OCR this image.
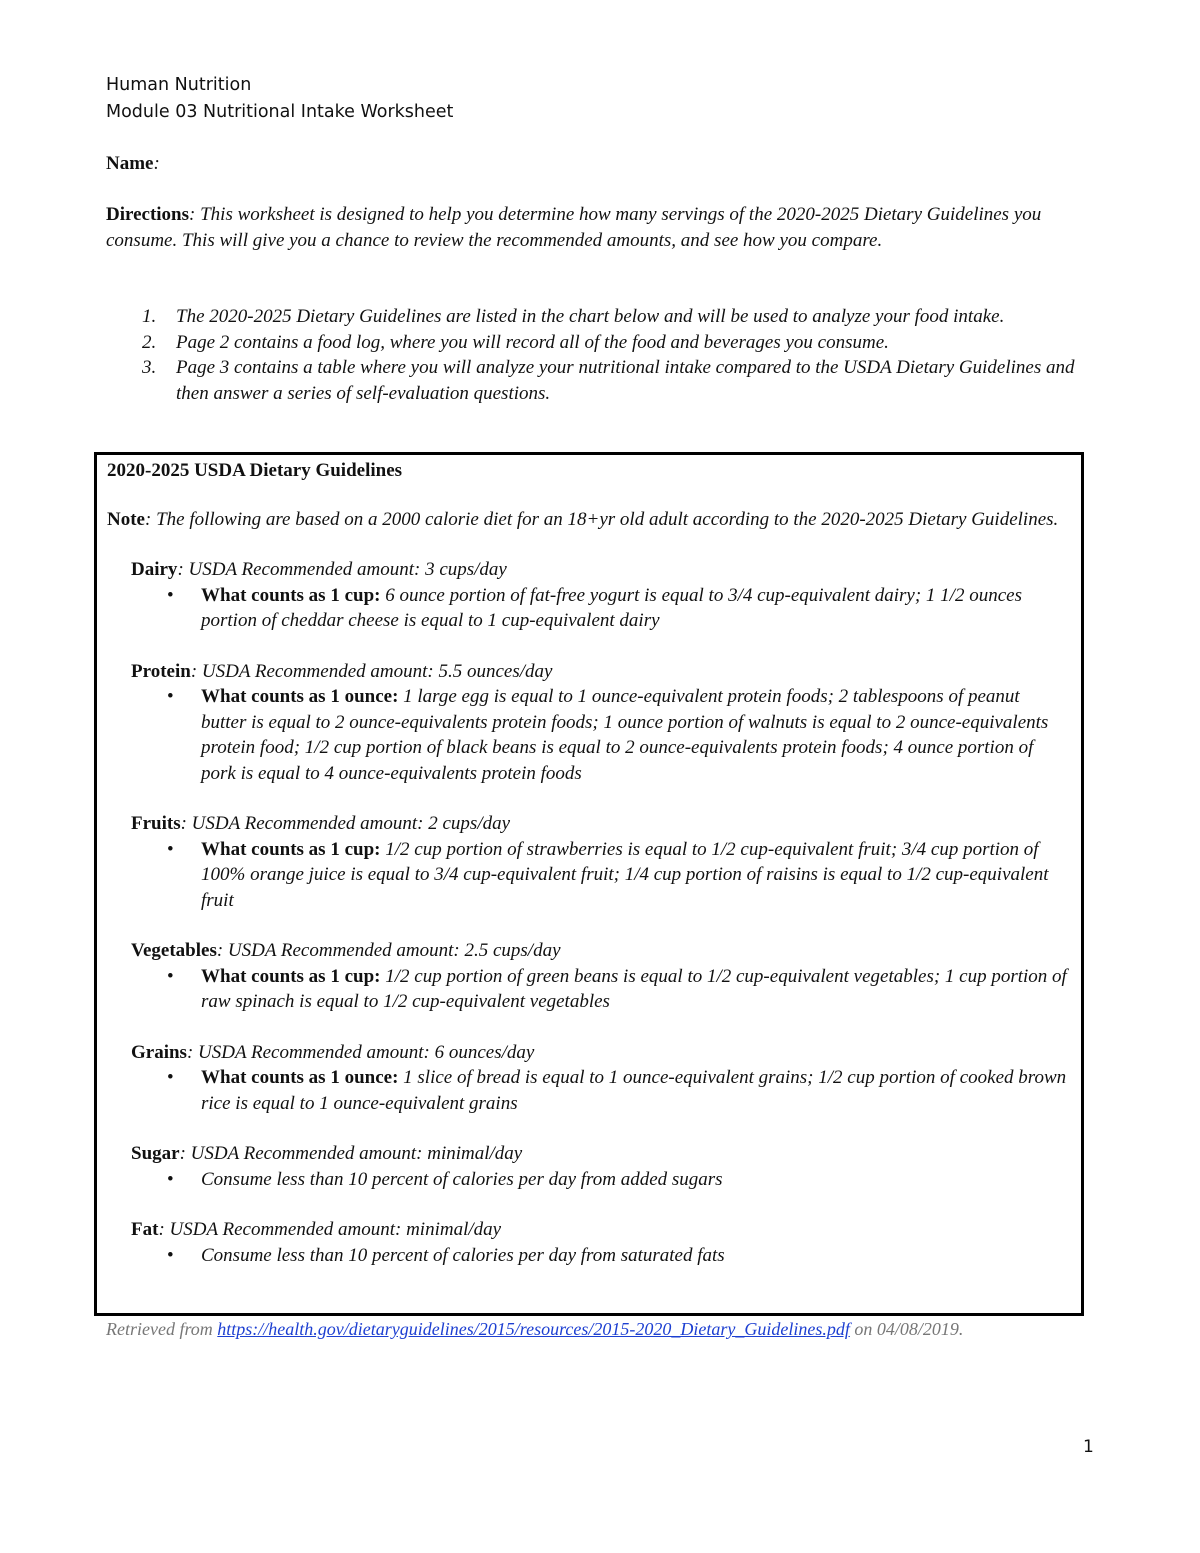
Human Nutrition
Module 03 Nutritional Intake Worksheet
Name:
Directions: This worksheet is designed to help you determine how many servings of the 2020-2025 Dietary Guidelines you consume. This will give you a chance to review the recommended amounts, and see how you compare.
1. The 2020-2025 Dietary Guidelines are listed in the chart below and will be used to analyze your food intake.
2. Page 2 contains a food log, where you will record all of the food and beverages you consume.
3. Page 3 contains a table where you will analyze your nutritional intake compared to the USDA Dietary Guidelines and then answer a series of self-evaluation questions.

2020-2025 USDA Dietary Guidelines

Note: The following are based on a 2000 calorie diet for an 18+yr old adult according to the 2020-2025 Dietary Guidelines.

Dairy: USDA Recommended amount: 3 cups/day

• What counts as 1 cup: 6 ounce portion of fat-free yogurt is equal to 3/4 cup-equivalent dairy; 1 1/2 ounces portion of cheddar cheese is equal to 1 cup-equivalent dairy

Protein: USDA Recommended amount: 5.5 ounces/day

• What counts as 1 ounce: 1 large egg is equal to 1 ounce-equivalent protein foods; 2 tablespoons of peanut butter is equal to 2 ounce-equivalents protein foods; 1 ounce portion of walnuts is equal to 2 ounce-equivalents protein food; 1/2 cup portion of black beans is equal to 2 ounce-equivalents protein foods; 4 ounce portion of pork is equal to 4 ounce-equivalents protein foods

Fruits: USDA Recommended amount: 2 cups/day

• What counts as 1 cup: 1/2 cup portion of strawberries is equal to 1/2 cup-equivalent fruit; 3/4 cup portion of 100% orange juice is equal to 3/4 cup-equivalent fruit; 1/4 cup portion of raisins is equal to 1/2 cup-equivalent fruit

Vegetables: USDA Recommended amount: 2.5 cups/day

• What counts as 1 cup: 1/2 cup portion of green beans is equal to 1/2 cup-equivalent vegetables; 1 cup portion of raw spinach is equal to 1/2 cup-equivalent vegetables

Grains: USDA Recommended amount: 6 ounces/day

• What counts as 1 ounce: 1 slice of bread is equal to 1 ounce-equivalent grains; 1/2 cup portion of cooked brown rice is equal to 1 ounce-equivalent grains

Sugar: USDA Recommended amount: minimal/day

• Consume less than 10 percent of calories per day from added sugars

Fat: USDA Recommended amount: minimal/day

• Consume less than 10 percent of calories per day from saturated fats

Retrieved from https://health.gov/dietaryguidelines/2015/resources/2015-2020_Dietary_Guidelines.pdf on 04/08/2019.
1
